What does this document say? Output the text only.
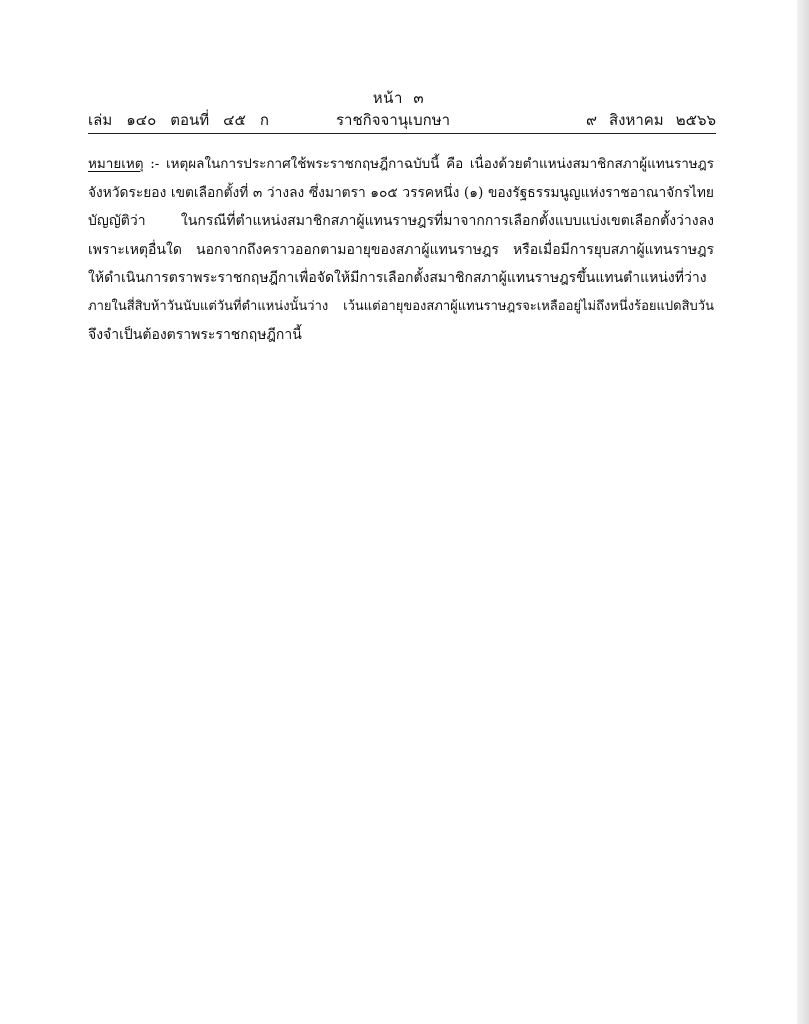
หน้า ๓
เล่ม ๑๔๐ ตอนที่ ๔๕ ก	ราชกิจจานุเบกษา	๙ สิงหาคม ๒๕๖๖
หมายเหตุ :- เหตุผลในการประกาศใช้พระราชกฤษฎีกาฉบับนี้ คือ เนื่องด้วยตำแหน่งสมาชิกสภาผู้แทนราษฎร
จังหวัดระยอง เขตเลือกตั้งที่ ๓ ว่างลง ซึ่งมาตรา ๑๐๕ วรรคหนึ่ง (๑) ของรัฐธรรมนูญแห่งราชอาณาจักรไทย
บัญญัติว่า ในกรณีที่ตำแหน่งสมาชิกสภาผู้แทนราษฎรที่มาจากการเลือกตั้งแบบแบ่งเขตเลือกตั้งว่างลง
เพราะเหตุอื่นใด นอกจากถึงคราวออกตามอายุของสภาผู้แทนราษฎร หรือเมื่อมีการยุบสภาผู้แทนราษฎร
ให้ดำเนินการตราพระราชกฤษฎีกาเพื่อจัดให้มีการเลือกตั้งสมาชิกสภาผู้แทนราษฎรขึ้นแทนตำแหน่งที่ว่าง
ภายในสี่สิบห้าวันนับแต่วันที่ตำแหน่งนั้นว่าง เว้นแต่อายุของสภาผู้แทนราษฎรจะเหลืออยู่ไม่ถึงหนึ่งร้อยแปดสิบวัน
จึงจำเป็นต้องตราพระราชกฤษฎีกานี้
